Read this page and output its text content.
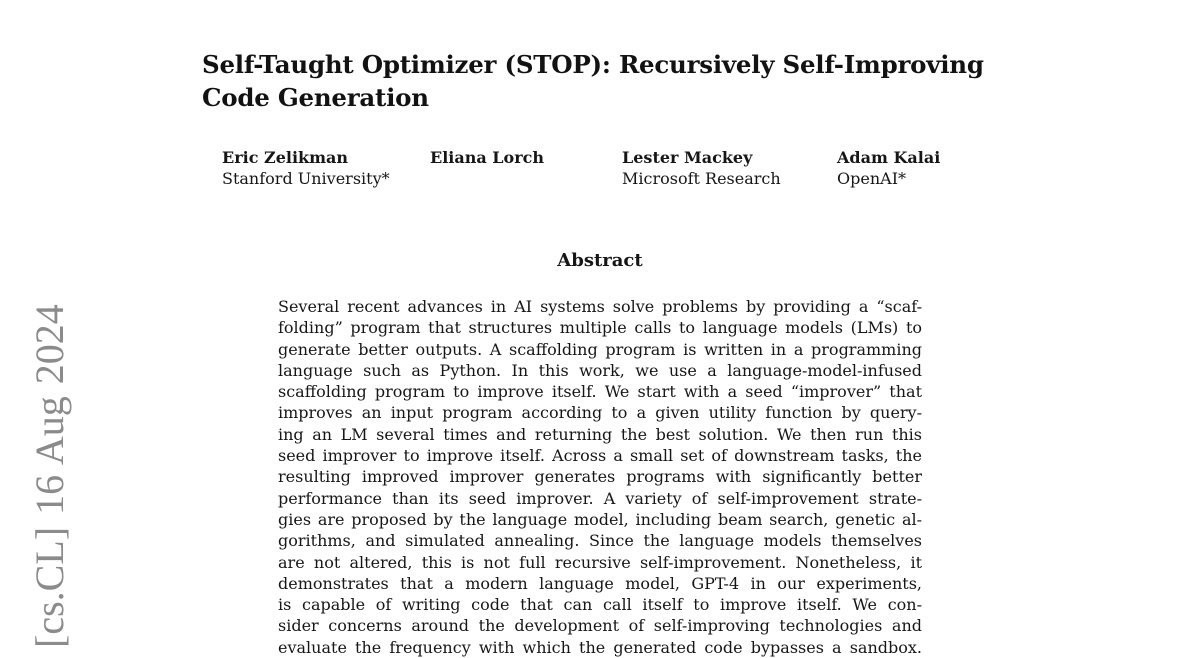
[cs.CL] 16 Aug 2024
Self-Taught Optimizer (STOP): Recursively Self-Improving
Code Generation
Eric Zelikman
Stanford University*
Eliana Lorch	Lester Mackey
Microsoft Research
Adam Kalai
OpenAI*
Abstract
Several recent advances in AI systems solve problems by providing a “scaf-
folding” program that structures multiple calls to language models (LMs) to
generate better outputs. A scaffolding program is written in a programming
language such as Python. In this work, we use a language-model-infused
scaffolding program to improve itself. We start with a seed “improver” that
improves an input program according to a given utility function by query-
ing an LM several times and returning the best solution. We then run this
seed improver to improve itself. Across a small set of downstream tasks, the
resulting improved improver generates programs with significantly better
performance than its seed improver. A variety of self-improvement strate-
gies are proposed by the language model, including beam search, genetic al-
gorithms, and simulated annealing. Since the language models themselves
are not altered, this is not full recursive self-improvement. Nonetheless, it
demonstrates that a modern language model, GPT-4 in our experiments,
is capable of writing code that can call itself to improve itself. We con-
sider concerns around the development of self-improving technologies and
evaluate the frequency with which the generated code bypasses a sandbox.
